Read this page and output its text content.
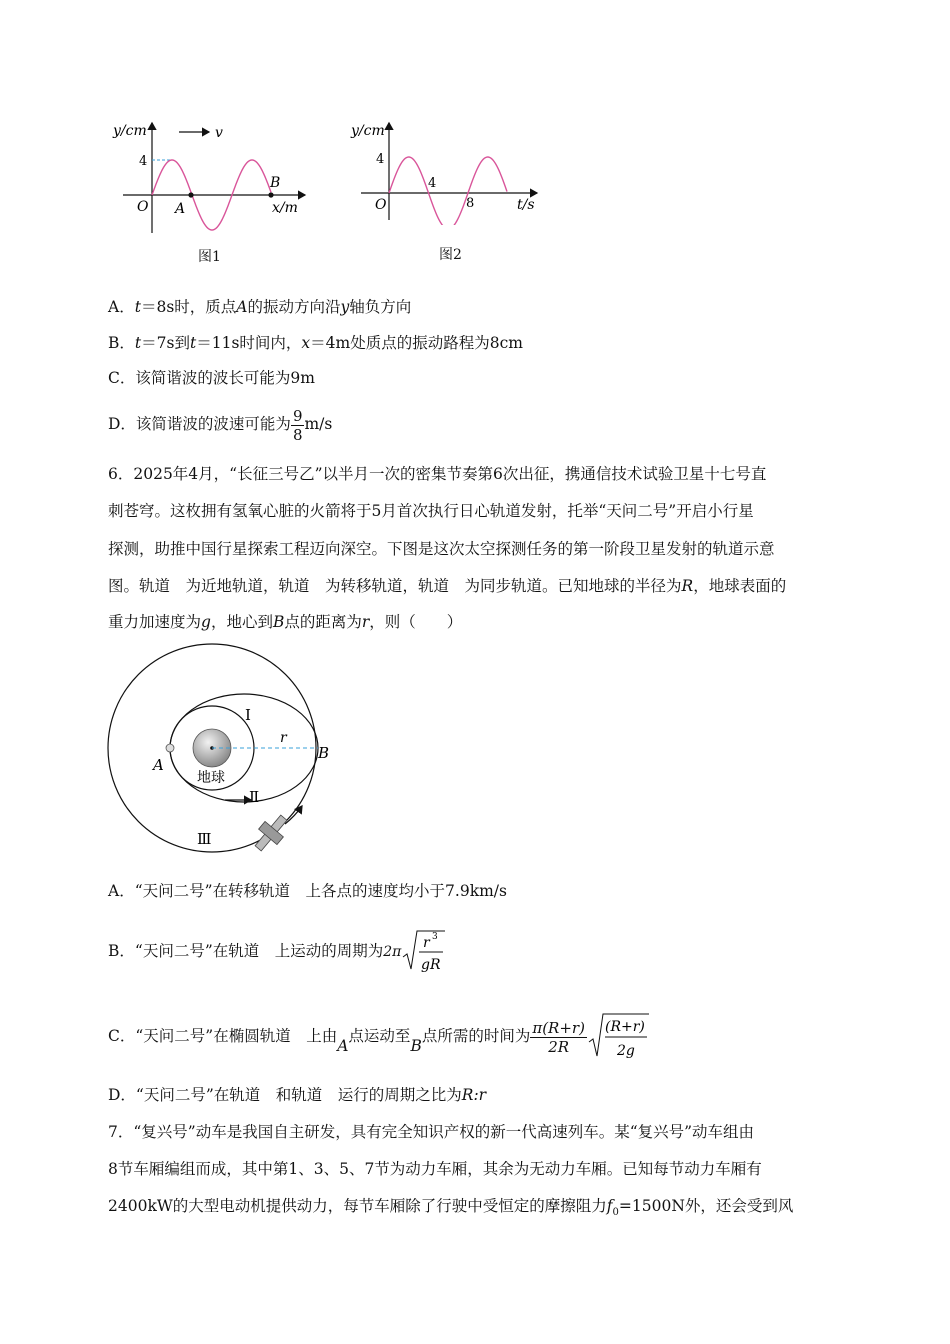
y/cm	v
4
O A
B
x/m
图1
y/cm
4
4
8
O	t/s
图2
A．t＝8s时，质点A的振动方向沿y轴负方向
B．t＝7s到t＝11s时间内，x＝4m处质点的振动路程为8cm
C．该简谐波的波长可能为9m
D．该简谐波的波速可能为 $\frac{9}{8} m/s$
6．2025年4月，“长征三号乙”以半月一次的密集节奏第6次出征，携通信技术试验卫星十七号直
刺苍穹。这枚拥有氢氧心脏的火箭将于5月首次执行日心轨道发射，托举“天问二号”开启小行星
探测，助推中国行星探索工程迈向深空。下图是这次太空探测任务的第一阶段卫星发射的轨道示意
图。轨道　为近地轨道，轨道　为转移轨道，轨道　为同步轨道。已知地球的半径为R，地球表面的
重力加速度为g，地心到B点的距离为r，则（　　）
Ⅰ
Ⅱ
Ⅲ
A
B
r
地球
A．“天问二号”在转移轨道　上各点的速度均小于7.9km/s
B．“天问二号”在轨道　上运动的周期为2π
r 3
gR
C．“天问二号”在椭圆轨道　上由A点运动至B点所需的时间为 $\frac{\pi(R+r)}{2R} (R+r)$
2g
D．“天问二号”在轨道　和轨道　运行的周期之比为R:r
7．“复兴号”动车是我国自主研发，具有完全知识产权的新一代高速列车。某“复兴号”动车组由
8节车厢编组而成，其中第1、3、5、7节为动力车厢，其余为无动力车厢。已知每节动力车厢有
2400kW的大型电动机提供动力，每节车厢除了行驶中受恒定的摩擦阻力$f_0=1500N$外，还会受到风
